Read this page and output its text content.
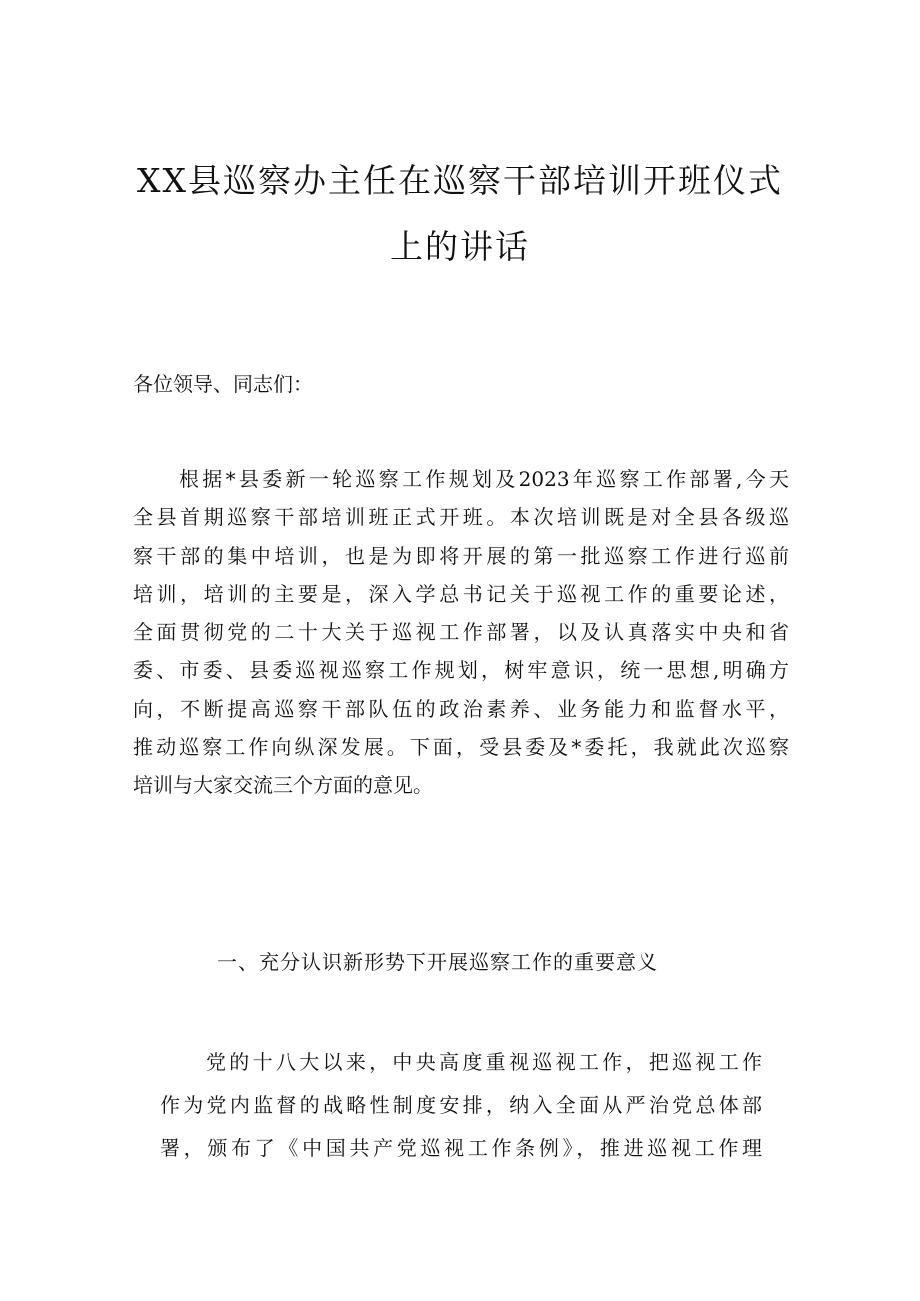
XX县巡察办主任在巡察干部培训开班仪式
上的讲话
各位领导、同志们：
根据*县委新一轮巡察工作规划及2023年巡察工作部署,今天
全县首期巡察干部培训班正式开班。本次培训既是对全县各级巡
察干部的集中培训，也是为即将开展的第一批巡察工作进行巡前
培训，培训的主要是，深入学总书记关于巡视工作的重要论述，
全面贯彻党的二十大关于巡视工作部署，以及认真落实中央和省
委、市委、县委巡视巡察工作规划，树牢意识，统一思想,明确方
向，不断提高巡察干部队伍的政治素养、业务能力和监督水平，
推动巡察工作向纵深发展。下面，受县委及*委托，我就此次巡察
培训与大家交流三个方面的意见。
一、充分认识新形势下开展巡察工作的重要意义
党的十八大以来，中央高度重视巡视工作，把巡视工作
作为党内监督的战略性制度安排，纳入全面从严治党总体部
署，颁布了《中国共产党巡视工作条例》，推进巡视工作理
